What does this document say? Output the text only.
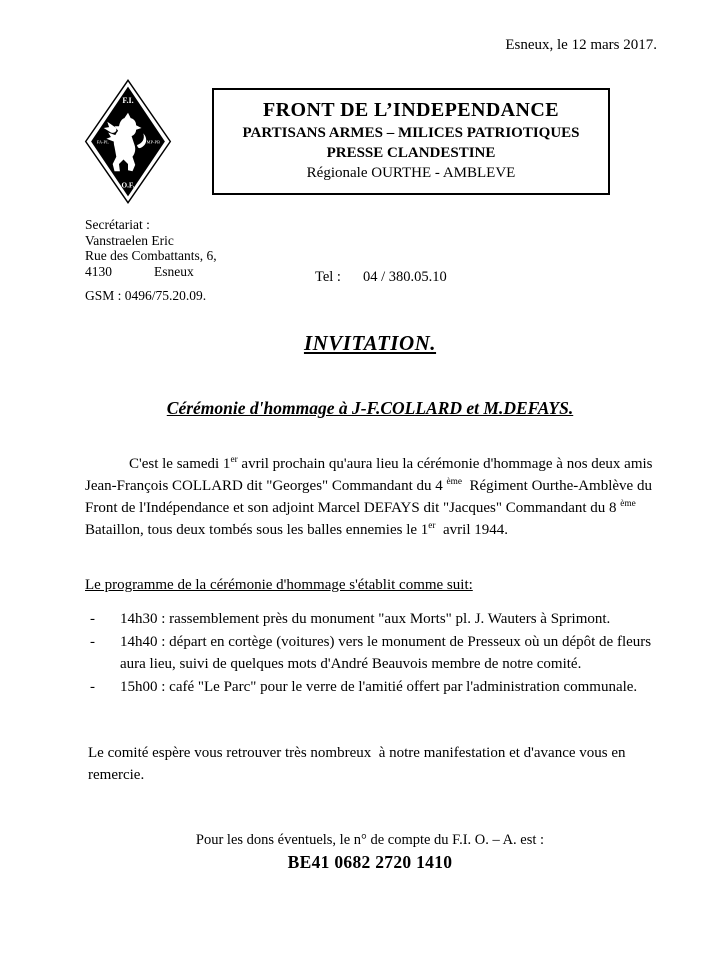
Esneux, le 12 mars 2017.
F.I.
FA-PL	MP-PB
O.F.
FRONT DE L’INDEPENDANCE
PARTISANS ARMES – MILICES PATRIOTIQUES
PRESSE CLANDESTINE
Régionale OURTHE - AMBLEVE
Secrétariat :
Vanstraelen Eric
Rue des Combattants, 6,
4130	Esneux
GSM : 0496/75.20.09.
Tel : 04 / 380.05.10
INVITATION.
Cérémonie d'hommage à J-F.COLLARD et M.DEFAYS.

C'est le samedi 1er avril prochain qu'aura lieu la cérémonie d'hommage à nos deux amis Jean-François COLLARD dit "Georges" Commandant du 4 $^{ème}$  Régiment Ourthe-Amblève du
Front de l'Indépendance et son adjoint Marcel DEFAYS dit "Jacques" Commandant du 8 $^{ème}$ Bataillon, tous deux tombés sous les balles ennemies le 1er  avril 1944.

Le programme de la cérémonie d'hommage s'établit comme suit:
-	14h30 : rassemblement près du monument "aux Morts" pl. J. Wauters à Sprimont.
-	14h40 : départ en cortège (voitures) vers le monument de Presseux où un dépôt de fleurs aura lieu, suivi de quelques mots d'André Beauvois membre de notre comité.
-	15h00 : café "Le Parc" pour le verre de l'amitié offert par l'administration communale.

Le comité espère vous retrouver très nombreux  à notre manifestation et d'avance vous en remercie.

Pour les dons éventuels, le n° de compte du F.I. O. – A. est :
BE41 0682 2720 1410
